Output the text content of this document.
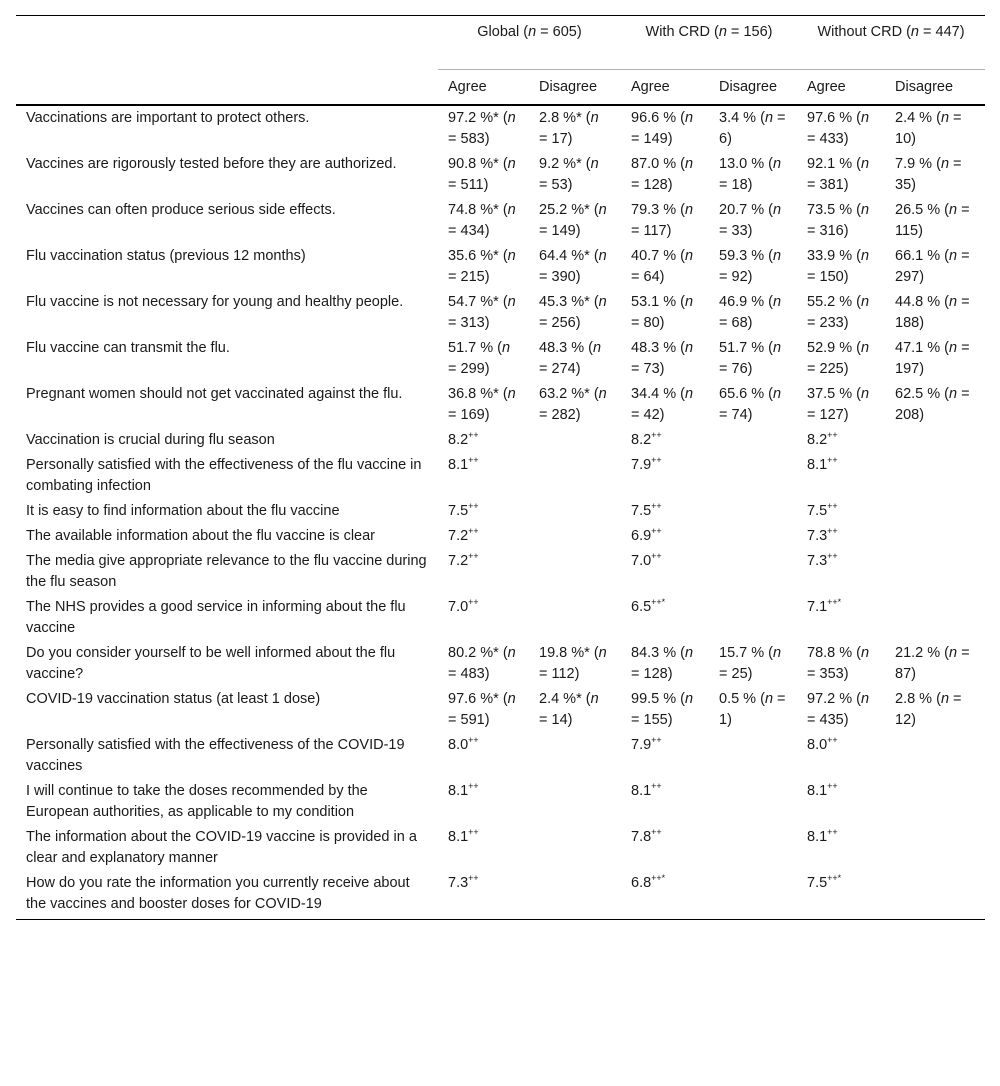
	Global (n = 605)		With CRD (n = 156)		Without CRD (n = 447)	
	Agree	Disagree	Agree	Disagree	Agree	Disagree
Vaccinations are important to protect others.	97.2 %* (n = 583)	2.8 %* (n = 17)	96.6 % (n = 149)	3.4 % (n = 6)	97.6 % (n = 433)	2.4 % (n = 10)
Vaccines are rigorously tested before they are authorized.	90.8 %* (n = 511)	9.2 %* (n = 53)	87.0 % (n = 128)	13.0 % (n = 18)	92.1 % (n = 381)	7.9 % (n = 35)
Vaccines can often produce serious side effects.	74.8 %* (n = 434)	25.2 %* (n = 149)	79.3 % (n = 117)	20.7 % (n = 33)	73.5 % (n = 316)	26.5 % (n = 115)
Flu vaccination status (previous 12 months)	35.6 %* (n = 215)	64.4 %* (n = 390)	40.7 % (n = 64)	59.3 % (n = 92)	33.9 % (n = 150)	66.1 % (n = 297)
Flu vaccine is not necessary for young and healthy people.	54.7 %* (n = 313)	45.3 %* (n = 256)	53.1 % (n = 80)	46.9 % (n = 68)	55.2 % (n = 233)	44.8 % (n = 188)
Flu vaccine can transmit the flu.	51.7 % (n = 299)	48.3 % (n = 274)	48.3 % (n = 73)	51.7 % (n = 76)	52.9 % (n = 225)	47.1 % (n = 197)
Pregnant women should not get vaccinated against the flu.	36.8 %* (n = 169)	63.2 %* (n = 282)	34.4 % (n = 42)	65.6 % (n = 74)	37.5 % (n = 127)	62.5 % (n = 208)
Vaccination is crucial during flu season	8.2++		8.2++		8.2++	
Personally satisfied with the effectiveness of the flu vaccine in combating infection	8.1++		7.9++		8.1++	
It is easy to find information about the flu vaccine	7.5++		7.5++		7.5++	
The available information about the flu vaccine is clear	7.2++		6.9++		7.3++	
The media give appropriate relevance to the flu vaccine during the flu season	7.2++		7.0++		7.3++	
The NHS provides a good service in informing about the flu vaccine	7.0++		6.5++*		7.1++*	
Do you consider yourself to be well informed about the flu vaccine?	80.2 %* (n = 483)	19.8 %* (n = 112)	84.3 % (n = 128)	15.7 % (n = 25)	78.8 % (n = 353)	21.2 % (n = 87)
COVID-19 vaccination status (at least 1 dose)	97.6 %* (n = 591)	2.4 %* (n = 14)	99.5 % (n = 155)	0.5 % (n = 1)	97.2 % (n = 435)	2.8 % (n = 12)
Personally satisfied with the effectiveness of the COVID-19 vaccines	8.0++		7.9++		8.0++	
I will continue to take the doses recommended by the European authorities, as applicable to my condition	8.1++		8.1++		8.1++	
The information about the COVID-19 vaccine is provided in a clear and explanatory manner	8.1++		7.8++		8.1++	
How do you rate the information you currently receive about the vaccines and booster doses for COVID-19	7.3++		6.8++*		7.5++*	
